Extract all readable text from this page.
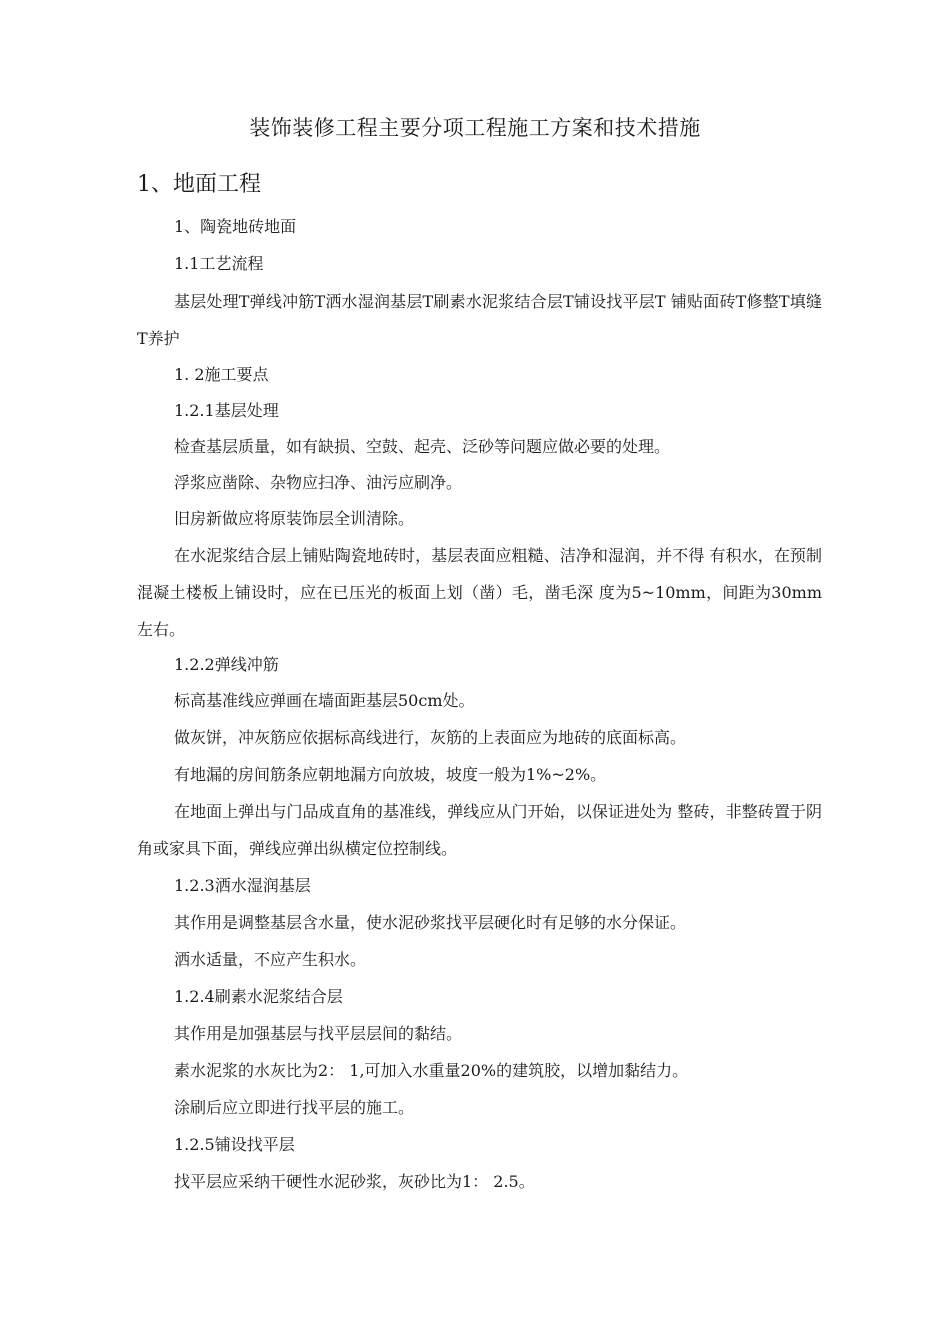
装饰装修工程主要分项工程施工方案和技术措施
1、地面工程
1、陶瓷地砖地面
1.1工艺流程
基层处理T弹线冲筋T洒水湿润基层T刷素水泥浆结合层T铺设找平层T 铺贴面砖T修整T填缝T养护
1. 2施工要点
1.2.1基层处理
检查基层质量，如有缺损、空鼓、起壳、泛砂等问题应做必要的处理。
浮浆应凿除、杂物应扫净、油污应刷净。
旧房新做应将原装饰层全训清除。
在水泥浆结合层上铺贴陶瓷地砖时，基层表面应粗糙、洁净和湿润，并不得 有积水，在预制混凝土楼板上铺设时，应在已压光的板面上划（凿）毛，凿毛深 度为5~10mm，间距为30mm左右。
1.2.2弹线冲筋
标高基准线应弹画在墙面距基层50cm处。
做灰饼，冲灰筋应依据标高线进行，灰筋的上表面应为地砖的底面标高。
有地漏的房间筋条应朝地漏方向放坡，坡度一般为1%~2%。
在地面上弹出与门品成直角的基准线，弹线应从门开始，以保证进处为 整砖，非整砖置于阴角或家具下面，弹线应弹出纵横定位控制线。
1.2.3洒水湿润基层
其作用是调整基层含水量，使水泥砂浆找平层硬化时有足够的水分保证。
洒水适量，不应产生积水。
1.2.4刷素水泥浆结合层
其作用是加强基层与找平层层间的黏结。
素水泥浆的水灰比为2： 1,可加入水重量20%的建筑胶，以增加黏结力。
涂刷后应立即进行找平层的施工。
1.2.5铺设找平层
找平层应采纳干硬性水泥砂浆，灰砂比为1： 2.5。
